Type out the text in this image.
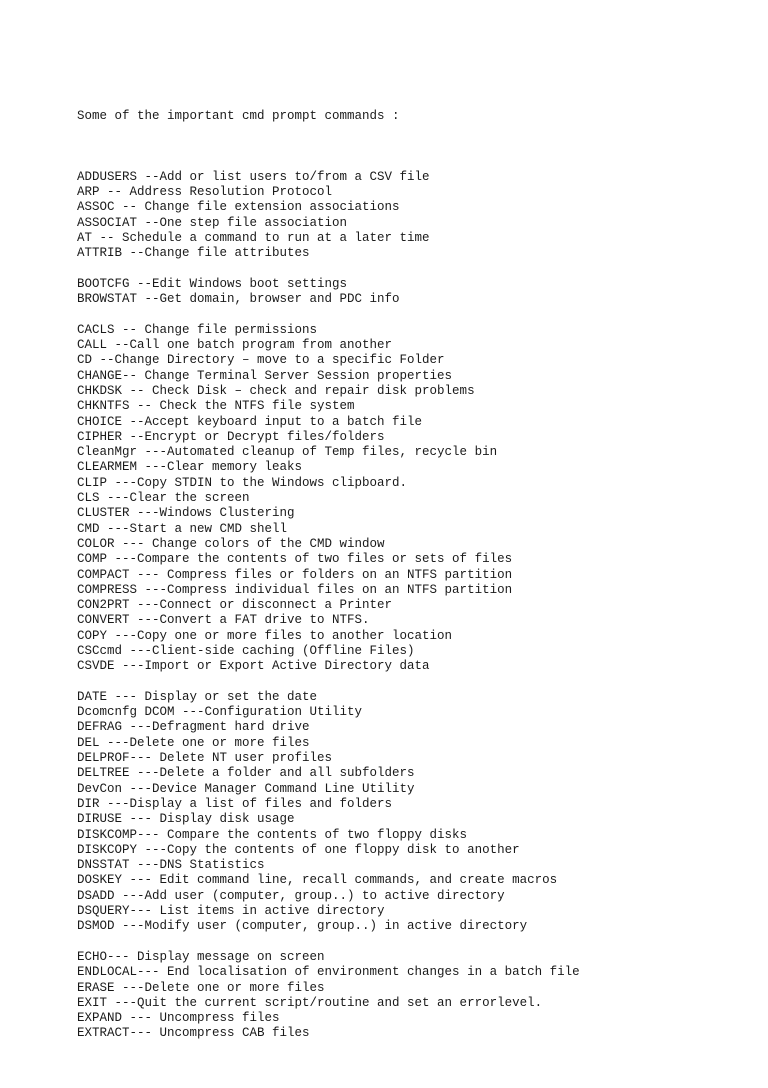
Some of the important cmd prompt commands :

ADDUSERS --Add or list users to/from a CSV file
ARP -- Address Resolution Protocol
ASSOC -- Change file extension associations
ASSOCIAT --One step file association
AT -- Schedule a command to run at a later time
ATTRIB --Change file attributes
BOOTCFG --Edit Windows boot settings
BROWSTAT --Get domain, browser and PDC info
CACLS -- Change file permissions
CALL --Call one batch program from another
CD --Change Directory – move to a specific Folder
CHANGE-- Change Terminal Server Session properties
CHKDSK -- Check Disk – check and repair disk problems
CHKNTFS -- Check the NTFS file system
CHOICE --Accept keyboard input to a batch file
CIPHER --Encrypt or Decrypt files/folders
CleanMgr ---Automated cleanup of Temp files, recycle bin
CLEARMEM ---Clear memory leaks
CLIP ---Copy STDIN to the Windows clipboard.
CLS ---Clear the screen
CLUSTER ---Windows Clustering
CMD ---Start a new CMD shell
COLOR --- Change colors of the CMD window
COMP ---Compare the contents of two files or sets of files
COMPACT --- Compress files or folders on an NTFS partition
COMPRESS ---Compress individual files on an NTFS partition
CON2PRT ---Connect or disconnect a Printer
CONVERT ---Convert a FAT drive to NTFS.
COPY ---Copy one or more files to another location
CSCcmd ---Client-side caching (Offline Files)
CSVDE ---Import or Export Active Directory data
DATE --- Display or set the date
Dcomcnfg DCOM ---Configuration Utility
DEFRAG ---Defragment hard drive
DEL ---Delete one or more files
DELPROF--- Delete NT user profiles
DELTREE ---Delete a folder and all subfolders
DevCon ---Device Manager Command Line Utility
DIR ---Display a list of files and folders
DIRUSE --- Display disk usage
DISKCOMP--- Compare the contents of two floppy disks
DISKCOPY ---Copy the contents of one floppy disk to another
DNSSTAT ---DNS Statistics
DOSKEY --- Edit command line, recall commands, and create macros
DSADD ---Add user (computer, group..) to active directory
DSQUERY--- List items in active directory
DSMOD ---Modify user (computer, group..) in active directory
ECHO--- Display message on screen
ENDLOCAL--- End localisation of environment changes in a batch file
ERASE ---Delete one or more files
EXIT ---Quit the current script/routine and set an errorlevel.
EXPAND --- Uncompress files
EXTRACT--- Uncompress CAB files
